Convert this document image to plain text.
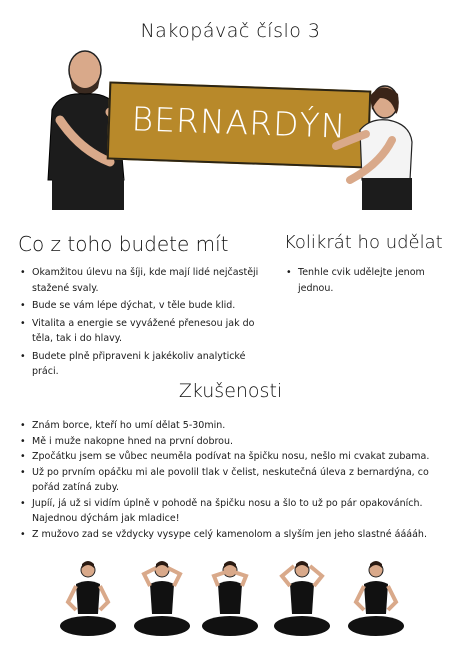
Nakopávač číslo 3
BERNARDÝN
Co z toho budete mít	Kolikrát ho udělat
• Okamžitou úlevu na šíji, kde mají lidé nejčastěji stažené svaly.
• Bude se vám lépe dýchat, v těle bude klid.
• Vitalita a energie se vyvážené přenesou jak do těla, tak i do hlavy.
• Budete plně připraveni k jakékoliv analytické práci.
• Tenhle cvik udělejte jenom jednou.
Zkušenosti
• Znám borce, kteří ho umí dělat 5-30min.
• Mě i muže nakopne hned na první dobrou.
• Zpočátku jsem se vůbec neuměla podívat na špičku nosu, nešlo mi cvakat zubama.
• Už po prvním opáčku mi ale povolil tlak v čelist, neskutečná úleva z bernardýna, co pořád zatíná zuby.
• Jupíí, já už si vidím úplně v pohodě na špičku nosu a šlo to už po pár opakováních. Najednou dýchám jak mladice!
• Z mužovo zad se vždycky vysype celý kamenolom a slyším jen jeho slastné ááááh.
